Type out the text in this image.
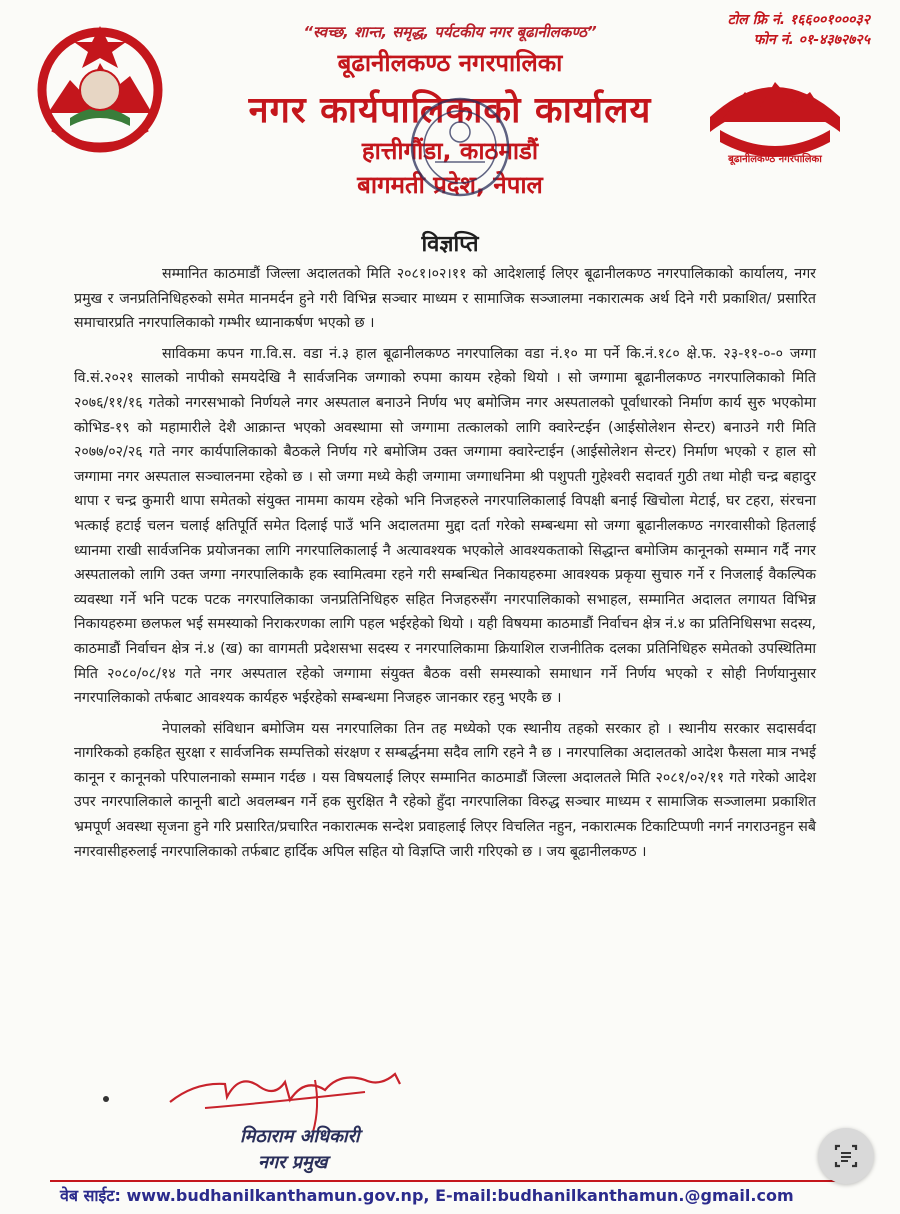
“स्वच्छ, शान्त, समृद्ध, पर्यटकीय नगर बूढानीलकण्ठ”
बूढानीलकण्ठ नगरपालिका
नगर कार्यपालिकाको कार्यालय
हात्तीगौंडा, काठमाडौं
बागमती प्रदेश, नेपाल
टोल फ्रि नं. १६६००१०००३२
फोन नं. ०१-४३७२७२५
बूढानीलकण्ठ नगरपालिका
विज्ञप्ति

सम्मानित काठमाडौं जिल्ला अदालतको मिति २०८१।०२।११ को आदेशलाई लिएर बूढानीलकण्ठ नगरपालिकाको कार्यालय, नगर प्रमुख र जनप्रतिनिधिहरुको समेत मानमर्दन हुने गरी विभिन्न सञ्चार माध्यम र सामाजिक सञ्जालमा नकारात्मक अर्थ दिने गरी प्रकाशित/ प्रसारित समाचारप्रति नगरपालिकाको गम्भीर ध्यानाकर्षण भएको छ ।

साविकमा कपन गा.वि.स. वडा नं.३ हाल बूढानीलकण्ठ नगरपालिका वडा नं.१० मा पर्ने कि.नं.१८० क्षे.फ. २३-११-०-० जग्गा वि.सं.२०२१ सालको नापीको समयदेखि नै सार्वजनिक जग्गाको रुपमा कायम रहेको थियो । सो जग्गामा बूढानीलकण्ठ नगरपालिकाको मिति २०७६/११/१६ गतेको नगरसभाको निर्णयले नगर अस्पताल बनाउने निर्णय भए बमोजिम नगर अस्पतालको पूर्वाधारको निर्माण कार्य सुरु भएकोमा कोभिड-१९ को महामारीले देशै आक्रान्त भएको अवस्थामा सो जग्गामा तत्कालको लागि क्वारेन्टईन (आईसोलेशन सेन्टर) बनाउने गरी मिति २०७७/०२/२६ गते नगर कार्यपालिकाको बैठकले निर्णय गरे बमोजिम उक्त जग्गामा क्वारेन्टाईन (आईसोलेशन सेन्टर) निर्माण भएको र हाल सो जग्गामा नगर अस्पताल सञ्चालनमा रहेको छ । सो जग्गा मध्ये केही जग्गामा जग्गाधनिमा श्री पशुपती गुहेश्वरी सदावर्त गुठी तथा मोही चन्द्र बहादुर थापा र चन्द्र कुमारी थापा समेतको संयुक्त नाममा कायम रहेको भनि निजहरुले नगरपालिकालाई विपक्षी बनाई खिचोला मेटाई, घर टहरा, संरचना भत्काई हटाई चलन चलाई क्षतिपूर्ति समेत दिलाई पाउँ भनि अदालतमा मुद्दा दर्ता गरेको सम्बन्धमा सो जग्गा बूढानीलकण्ठ नगरवासीको हितलाई ध्यानमा राखी सार्वजनिक प्रयोजनका लागि नगरपालिकालाई नै अत्यावश्यक भएकोले आवश्यकताको सिद्धान्त बमोजिम कानूनको सम्मान गर्दै नगर अस्पतालको लागि उक्त जग्गा नगरपालिकाकै हक स्वामित्वमा रहने गरी सम्बन्धित निकायहरुमा आवश्यक प्रकृया सुचारु गर्ने र निजलाई वैकल्पिक व्यवस्था गर्ने भनि पटक पटक नगरपालिकाका जनप्रतिनिधिहरु सहित निजहरुसँग नगरपालिकाको सभाहल, सम्मानित अदालत लगायत विभिन्न निकायहरुमा छलफल भई समस्याको निराकरणका लागि पहल भईरहेको थियो । यही विषयमा काठमाडौं निर्वाचन क्षेत्र नं.४ का प्रतिनिधिसभा सदस्य, काठमाडौं निर्वाचन क्षेत्र नं.४ (ख) का वागमती प्रदेशसभा सदस्य र नगरपालिकामा क्रियाशिल राजनीतिक दलका प्रतिनिधिहरु समेतको उपस्थितिमा मिति २०८०/०८/१४ गते नगर अस्पताल रहेको जग्गामा संयुक्त बैठक वसी समस्याको समाधान गर्ने निर्णय भएको र सोही निर्णयानुसार नगरपालिकाको तर्फबाट आवश्यक कार्यहरु भईरहेको सम्बन्धमा निजहरु जानकार रहनु भएकै छ ।

नेपालको संविधान बमोजिम यस नगरपालिका तिन तह मध्येको एक स्थानीय तहको सरकार हो । स्थानीय सरकार सदासर्वदा नागरिकको हकहित सुरक्षा र सार्वजनिक सम्पत्तिको संरक्षण र सम्बर्द्धनमा सदैव लागि रहने नै छ । नगरपालिका अदालतको आदेश फैसला मात्र नभई कानून र कानूनको परिपालनाको सम्मान गर्दछ । यस विषयलाई लिएर सम्मानित काठमाडौं जिल्ला अदालतले मिति २०८१/०२/११ गते गरेको आदेश उपर नगरपालिकाले कानूनी बाटो अवलम्बन गर्ने हक सुरक्षित नै रहेको हुँदा नगरपालिका विरुद्ध सञ्चार माध्यम र सामाजिक सञ्जालमा प्रकाशित भ्रमपूर्ण अवस्था सृजना हुने गरि प्रसारित/प्रचारित नकारात्मक सन्देश प्रवाहलाई लिएर विचलित नहुन, नकारात्मक टिकाटिप्पणी नगर्न नगराउनहुन सबै नगरवासीहरुलाई नगरपालिकाको तर्फबाट हार्दिक अपिल सहित यो विज्ञप्ति जारी गरिएको छ । जय बूढानीलकण्ठ ।

मिठाराम अधिकारी
नगर प्रमुख
वेब साईट: www.budhanilkanthamun.gov.np, E-mail:budhanilkanthamun.@gmail.com
